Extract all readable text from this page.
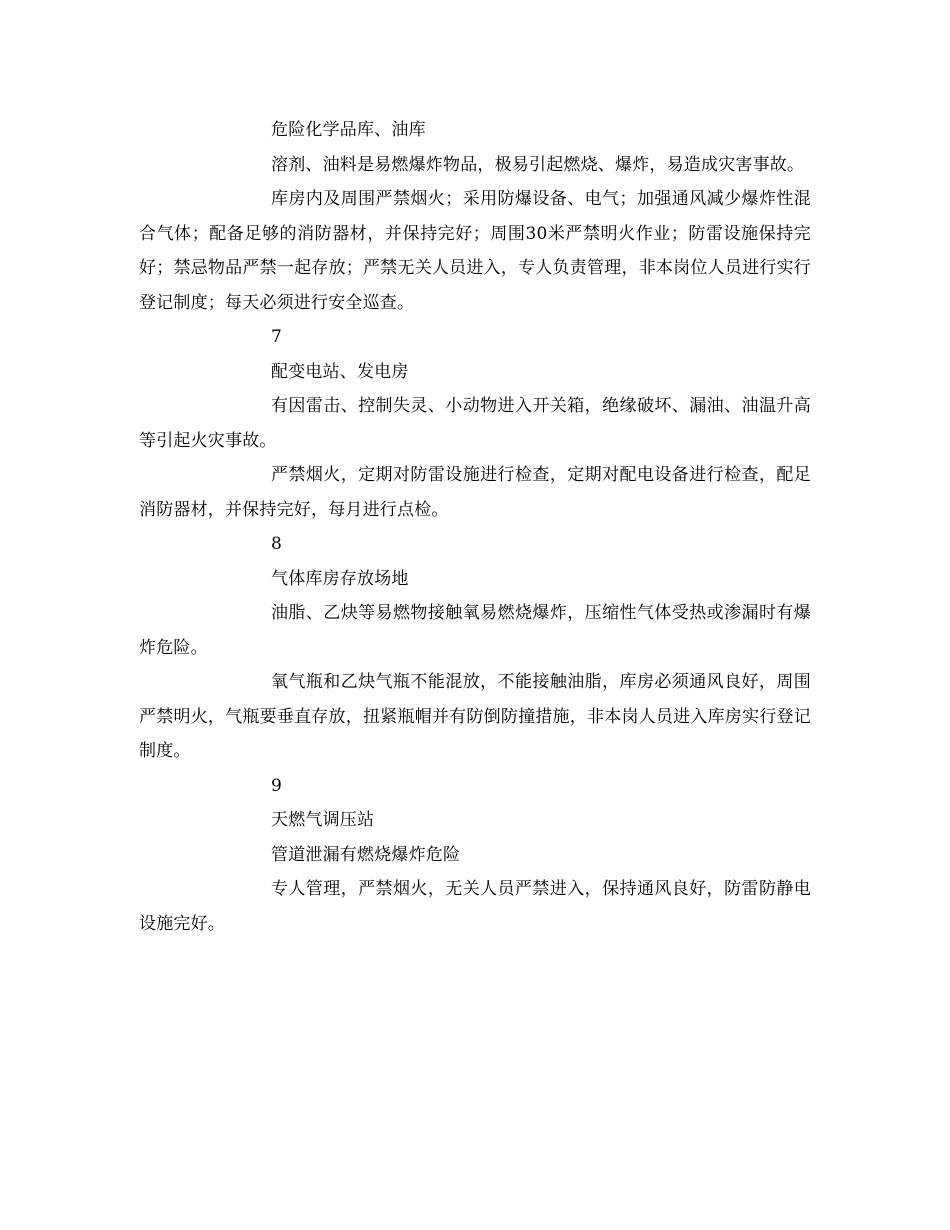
危险化学品库、油库

溶剂、油料是易燃爆炸物品，极易引起燃烧、爆炸，易造成灾害事故。

库房内及周围严禁烟火；采用防爆设备、电气；加强通风减少爆炸性混合气体；配备足够的消防器材，并保持完好；周围30米严禁明火作业；防雷设施保持完好；禁忌物品严禁一起存放；严禁无关人员进入，专人负责管理，非本岗位人员进行实行登记制度；每天必须进行安全巡查。

7

配变电站、发电房

有因雷击、控制失灵、小动物进入开关箱，绝缘破坏、漏油、油温升高等引起火灾事故。

严禁烟火，定期对防雷设施进行检查，定期对配电设备进行检查，配足消防器材，并保持完好，每月进行点检。

8

气体库房存放场地

油脂、乙炔等易燃物接触氧易燃烧爆炸，压缩性气体受热或渗漏时有爆炸危险。

氧气瓶和乙炔气瓶不能混放，不能接触油脂，库房必须通风良好，周围严禁明火，气瓶要垂直存放，扭紧瓶帽并有防倒防撞措施，非本岗人员进入库房实行登记制度。

9

天燃气调压站

管道泄漏有燃烧爆炸危险

专人管理，严禁烟火，无关人员严禁进入，保持通风良好，防雷防静电设施完好。
